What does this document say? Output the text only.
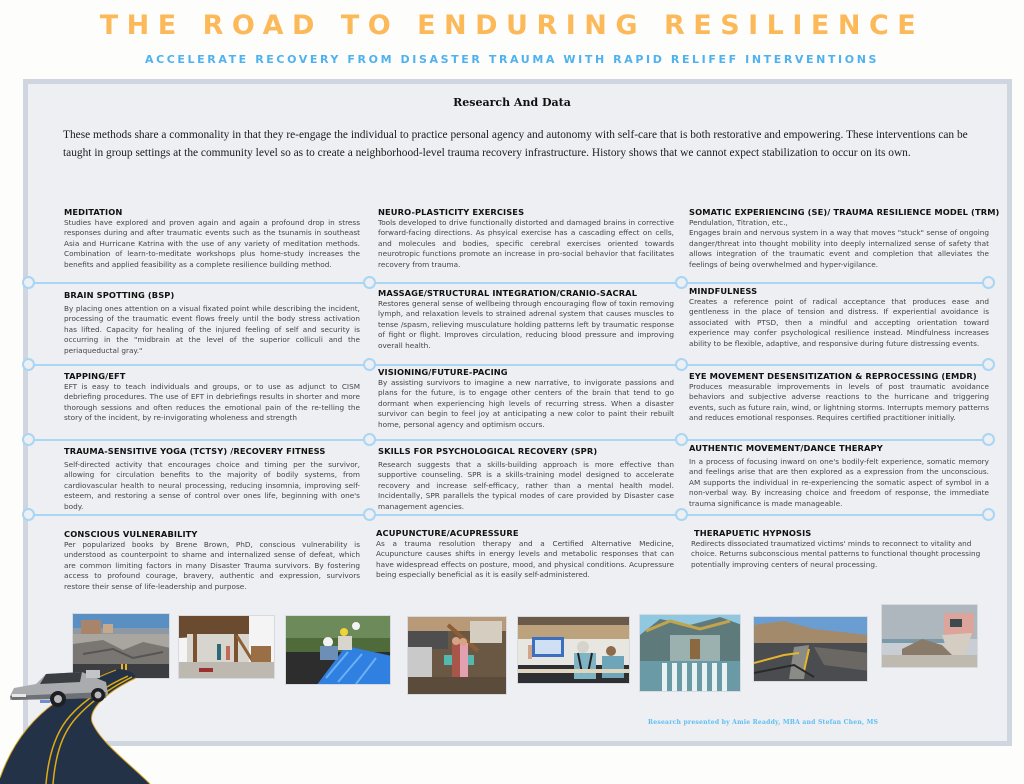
THE ROAD TO ENDURING RESILIENCE
ACCELERATE RECOVERY FROM DISASTER TRAUMA WITH RAPID RELIFEF INTERVENTIONS
Research And Data
These methods share a commonality in that they re-engage the individual to practice personal agency and autonomy with self-care that is both restorative and empowering. These interventions can be taught in group settings at the community level so as to create a neighborhood-level trauma recovery infrastructure. History shows that we cannot expect stabilization to occur on its own.
MEDITATION
Studies have explored and proven again and again a profound drop in stress responses during and after traumatic events such as the tsunamis in southeast Asia and Hurricane Katrina with the use of any variety of meditation methods. Combination of learn-to-meditate workshops plus home-study increases the benefits and applied feasibility as a complete resilience building method.
BRAIN SPOTTING (BSP)
By placing ones attention on a visual fixated point while describing the incident, processing of the traumatic event flows freely until the body stress activation has lifted. Capacity for healing of the injured feeling of self and security is occurring in the "midbrain at the level of the superior colliculi and the periaqueductal gray."
TAPPING/EFT
EFT is easy to teach individuals and groups, or to use as adjunct to CISM debriefing procedures. The use of EFT in debriefings results in shorter and more thorough sessions and often reduces the emotional pain of the re-telling the story of the incident, by re-invigorating wholeness and strength
TRAUMA-SENSITIVE YOGA (TCTSY) /RECOVERY FITNESS
Self-directed activity that encourages choice and timing per the survivor, allowing for circulation benefits to the majority of bodily systems, from cardiovascular health to neural processing, reducing insomnia, improving self-esteem, and restoring a sense of control over ones life, beginning with one's body.
CONSCIOUS VULNERABILITY
Per popularized books by Brene Brown, PhD, conscious vulnerability is understood as counterpoint to shame and internalized sense of defeat, which are common limiting factors in many Disaster Trauma survivors. By fostering access to profound courage, bravery, authentic and expression, survivors restore their sense of life-leadership and purpose.
NEURO-PLASTICITY EXERCISES
Tools developed to drive functionally distorted and damaged brains in corrective forward-facing directions. As phsyical exercise has a cascading effect on cells, and molecules and bodies, specific cerebral exercises oriented towards neurotropic functions promote an increase in pro-social behavior that facilitates recovery from trauma.
MASSAGE/STRUCTURAL INTEGRATION/CRANIO-SACRAL
Restores general sense of wellbeing through encouraging flow of toxin removing lymph, and relaxation levels to strained adrenal system that causes muscles to tense /spasm, relieving musculature holding patterns left by traumatic response of fight or flight. Improves circulation, reducing blood pressure and improving overall health.
VISIONING/FUTURE-PACING
By assisting survivors to imagine a new narrative, to invigorate passions and plans for the future, is to engage other centers of the brain that tend to go dormant when experiencing high levels of recurring stress. When a disaster survivor can begin to feel joy at anticipating a new color to paint their rebuilt home, personal agency and optimism occurs.
SKILLS FOR PSYCHOLOGICAL RECOVERY (SPR)
Research suggests that a skills-building approach is more effective than supportive counseling. SPR is a skills-training model designed to accelerate recovery and increase self-efficacy, rather than a mental health model. Incidentally, SPR parallels the typical modes of care provided by Disaster case management agencies.
ACUPUNCTURE/ACUPRESSURE
As a trauma resolution therapy and a Certified Alternative Medicine, Acupuncture causes shifts in energy levels and metabolic responses that can have widespread effects on posture, mood, and physical conditions. Acupressure being especially beneficial as it is easily self-administered.
SOMATIC EXPERIENCING (SE)/ TRAUMA RESILIENCE MODEL (TRM)
Pendulation, Titration, etc.,
Engages brain and nervous system in a way that moves "stuck" sense of ongoing danger/threat into thought mobility into deeply internalized sense of safety that allows integration of the traumatic event and completion that alleviates the feelings of being overwhelmed and hyper-vigilance.
MINDFULNESS
Creates a reference point of radical acceptance that produces ease and gentleness in the place of tension and distress. If experiential avoidance is associated with PTSD, then a mindful and accepting orientation toward experience may confer psychological resilience instead. Mindfulness increases ability to be flexible, adaptive, and responsive during future distressing events.
EYE MOVEMENT DESENSITIZATION & REPROCESSING (EMDR)
Produces measurable improvements in levels of post traumatic avoidance behaviors and subjective adverse reactions to the hurricane and triggering events, such as future rain, wind, or lightning storms. Interrupts memory patterns and reduces emotional responses. Requires certified practitioner initially.
AUTHENTIC MOVEMENT/DANCE THERAPY
In a process of focusing inward on one's bodily-felt experience, somatic memory and feelings arise that are then explored as a expression from the unconscious. AM supports the individual in re-experiencing the somatic aspect of symbol in a non-verbal way. By increasing choice and freedom of response, the immediate trauma significance is made manageable.
THERAPUETIC HYPNOSIS
Redirects dissociated traumatized victims' minds to reconnect to vitality and choice. Returns subconscious mental patterns to functional thought processing potentially improving centers of neural processing.
Research presented by Amie Readdy, MBA and Stefan Chen, MS
